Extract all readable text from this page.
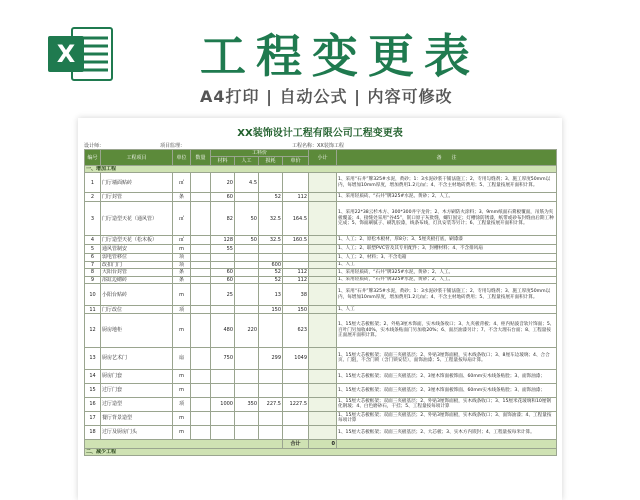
X	工程变更表
A4打印 | 自动公式 | 内容可修改
XX装饰设计工程有限公司工程变更表
设计师：	项目监理：	工程名称：XX装饰工程
编号	工程项目	单位	数量	工料价				小计	备　　注
				材料	人工	损耗	单价		
一、增加工程									
1	门厅墙面贴砖	㎡		20	4.5				1、采用“石井”牌325#水泥，黄砂；1：3水泥砂浆干铺法施工；2、专用勾缝剂；3、施工厚度50mm以内，每增加10mm厚度，增加费用1.2元/㎡；4、不含主材地砖费用；5、工程量按展开面积计算。
2	门厅封管	条		60		52	112		1、采用轻质砖、“石井”牌325#水泥、黄砂；2、人工。
3	门厅造型天花（通风管）	㎡		82	50	32.5	164.5		1、采用22*38云杉木方、300*300井字龙骨；2、木方刷防火涂料；3、9mm纸面石膏板覆面，吊筋为夹板覆盖；4、接缝处采用“谷45”，嵌口原子灰批缝，螺钉固定；灯槽涂防锈漆，纸带或砂布封缝由后期工种完成；5、饰面刷腻子、刷乳胶漆，线条布线，灯具安装等另计；6、工程量按展开面积计算。
4	门厅造型天花（松木板）	㎡		128	50	32.5	160.5		1、人工；2、原松木板材，厚8分；3、5厘夹板打底，刷漆漆
5	通风管制安	m		55					1、人工；2、联塑PVC管及其专用配件；3、封槽材料；4、不含排风扇
6	弱电管移位	项							1、人工；2、材料；3、不含电箱
7	改扣门门	项				600			1、人工
8	大阳台封管	条		60		52	112		1、采用轻质砖，“石井”牌325#水泥，黄砂；2、人工。
9	浴缸边砌砖	条		60		52	112		1、采用轻质砖，“石井”牌325#水泥，黄砂；2、人工。
10	小阳台贴砖	m		25		13	38		1、采用“石井”牌325#水泥，黄砂；1：3水泥砂浆干铺法施工；2、专用勾缝剂；3、施工厚度50mm以内，每增加10mm厚度，增加费用1.2元/㎡；4、不含主材地砖费用；5、工程量按展开面积计算。
11	门厅改位	项				150	150		1、人工
12	厨房地柜	m		480	220		623		1、15厘大芯板框架；2、外贴3厘木饰面，实木线条收口；3、九夹板背板；4、柜内贴波音软片饰面；5、百叶门另加收40%，实木线条贴面门另加收20%；6、面层油漆另计；7、不含大理石台面；8、工程量按正面展开面积计算。
13	厨房艺术门	扇		750		299	1049		1、15厘大芯板框架；双面三夹板基层；2、外贴3厘饰面板，实木线条收口；3、8厘车边玻璃；4、合合页、门阻，不含门锁（含门锁安装），面饰油漆；5、工程量按每扇计算。
14	厨房门套	m							1、15厘大芯板框架；双面三夹板基层；2、3厘木饰面板饰面、60mm实木线条贴脸；3、面饰油漆；
15	过厅门套	m							1、15厘大芯板框架；双面三夹板基层；2、3厘木饰面板饰面、60mm实木线条贴脸；3、面饰油漆；
16	过厅造型	项		1000	350	227.5	1227.5		1、15厘大芯板框架；双面三夹板基层；2、外贴3厘饰面板，实木线条收口；3、15厘米花玻璃和10厘钢化钢玻；4、白色磨砂石，干挂；5、工程量按每项计算
17	餐厅背景造型	m							1、15厘大芯板框架；双面三夹板基层；2、外贴3厘饰面板，实木线条收口；3、面饰油漆；4、工程量按每项计算
18	过厅及厨房门头	m							1、15厘大芯板框架；双面三夹板基层；2、大芯板；3、实木方内嵌封；4、工程量按每米计算。
							合计	0	
二、减少工程									
